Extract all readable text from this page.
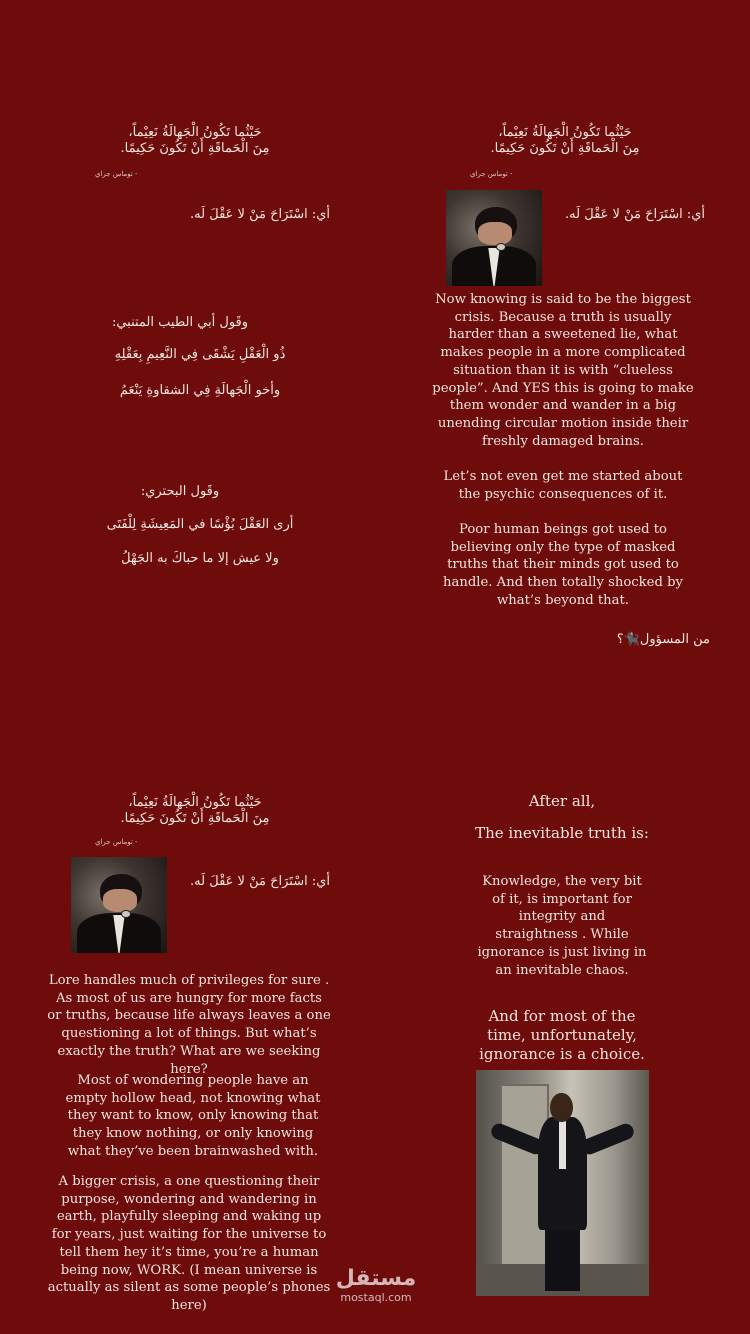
حَيْثُما تَكُونُ الْجَهالَةُ نَعِيْماً،
مِنَ الْحَماقَةِ أَنْ تَكُونَ حَكِيمًا.
- توماس جراي
أي: اسْتَرَاحَ مَنْ لا عَقْلَ لَه.
وقَول أبي الطيب المتنبي:
ذُو الْعَقْلِ يَشْقَى فِي النَّعِيمِ بِعَقْلِهِ
وأخو الْجَهالَةِ فِي الشقاوةِ يَنْعَمُ
وقَول البحتري:
أرى العَقْلَ بُؤْسًا في المَعِيشَةِ لِلْفَتَى
ولا عيش إلا ما حباكَ به الجَهْلُ
حَيْثُما تَكُونُ الْجَهالَةُ نَعِيْماً،
مِنَ الْحَماقَةِ أَنْ تَكُونَ حَكِيمًا.
- توماس جراي
أي: اسْتَرَاحَ مَنْ لا عَقْلَ لَه.
Now knowing is said to be the biggest crisis. Because a truth is usually harder than a sweetened lie, what makes people in a more complicated situation than it is with “clueless people”. And YES this is going to make them wonder and wander in a big unending circular motion inside their freshly damaged brains.
Let’s not even get me started about the psychic consequences of it.
Poor human beings got used to believing only the type of masked truths that their minds got used to handle. And then totally shocked by what’s beyond that.
من المسؤول🐈‍⬛؟
حَيْثُما تَكُونُ الْجَهالَةُ نَعِيْماً،
مِنَ الْحَماقَةِ أَنْ تَكُونَ حَكِيمًا.
- توماس جراي
أي: اسْتَرَاحَ مَنْ لا عَقْلَ لَه.
Lore handles much of privileges for sure . As most of us are hungry for more facts or truths, because life always leaves a one questioning a lot of things. But what’s exactly the truth? What are we seeking here?
Most of wondering people have an empty hollow head, not knowing what they want to know, only knowing that they know nothing, or only knowing what they’ve been brainwashed with.
A bigger crisis, a one questioning their purpose, wondering and wandering in earth, playfully sleeping and waking up for years, just waiting for the universe to tell them hey it’s time, you’re a human being now, WORK. (I mean universe is actually as silent as some people’s phones here)
After all,
The inevitable truth is:
Knowledge, the very bit of it, is important for integrity and straightness . While ignorance is just living in an inevitable chaos.
And for most of the time, unfortunately, ignorance is a choice.
مستقل
mostaql.com
